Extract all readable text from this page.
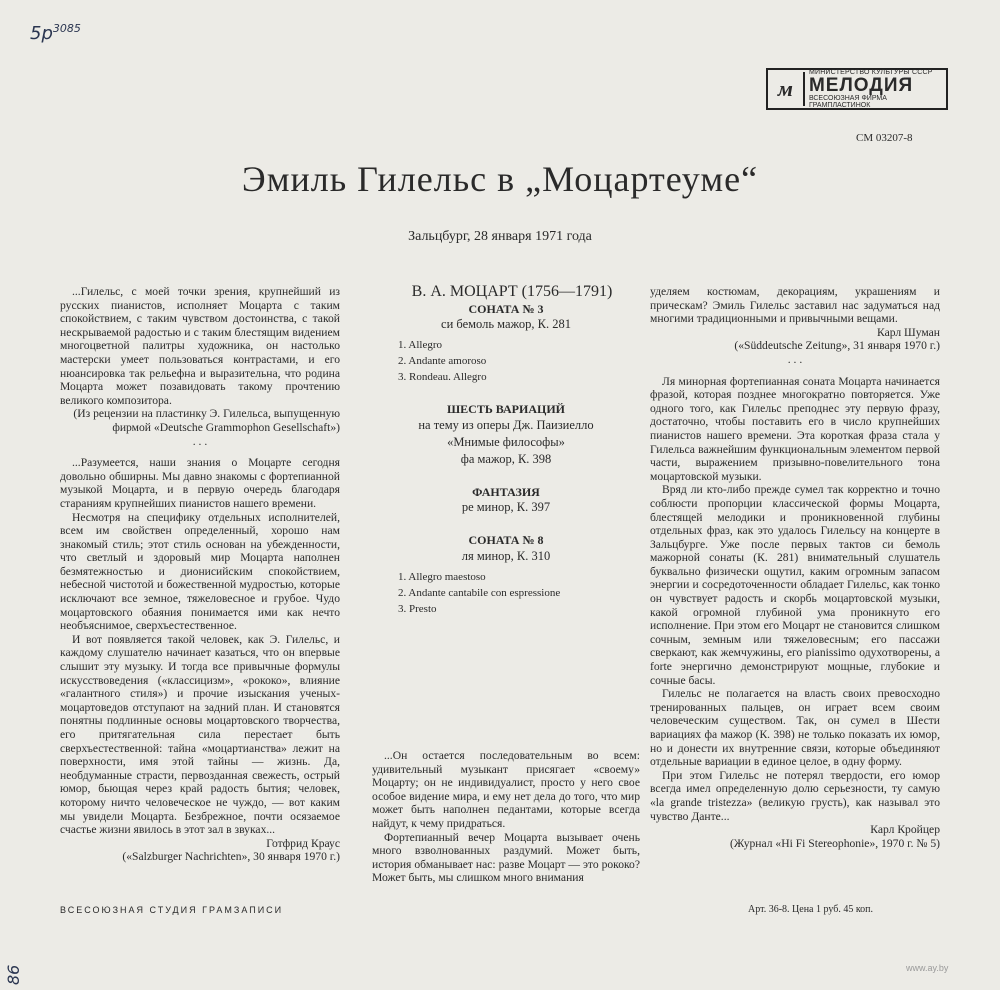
$5р^{3085}$
86
м
МИНИСТЕРСТВО КУЛЬТУРЫ СССР
МЕЛОДИЯ
ВСЕСОЮЗНАЯ ФИРМА ГРАМПЛАСТИНОК
СМ 03207-8
Эмиль Гилельс в „Моцартеуме“
Зальцбург, 28 января 1971 года

...Гилельс, с моей точки зрения, крупнейший из русских пианистов, исполняет Моцарта с таким спокойствием, с таким чувством достоинства, с такой нескрываемой радостью и с таким блестящим видением многоцветной палитры художника, он настолько мастерски умеет пользоваться контрастами, и его нюансировка так рельефна и выразительна, что родина Моцарта может позавидовать такому прочтению великого композитора.

(Из рецензии на пластинку Э. Гилельса, выпущенную фирмой «Deutsche Grammophon Gesellschaft»)

. . .

...Разумеется, наши знания о Моцарте сегодня довольно обширны. Мы давно знакомы с фортепианной музыкой Моцарта, и в первую очередь благодаря стараниям крупнейших пианистов нашего времени.

Несмотря на специфику отдельных исполнителей, всем им свойствен определенный, хорошо нам знакомый стиль; этот стиль основан на убежденности, что светлый и здоровый мир Моцарта наполнен безмятежностью и дионисийским спокойствием, небесной чистотой и божественной мудростью, которые исключают все земное, тяжеловесное и грубое. Чудо моцартовского обаяния понимается ими как нечто необъяснимое, сверхъестественное.

И вот появляется такой человек, как Э. Гилельс, и каждому слушателю начинает казаться, что он впервые слышит эту музыку. И тогда все привычные формулы искусствоведения («классицизм», «рококо», влияние «галантного стиля») и прочие изыскания ученых-моцартоведов отступают на задний план. И становятся понятны подлинные основы моцартовского творчества, его притягательная сила перестает быть сверхъестественной: тайна «моцартианства» лежит на поверхности, имя этой тайны — жизнь. Да, необдуманные страсти, первозданная свежесть, острый юмор, бьющая через край радость бытия; человек, которому ничто человеческое не чуждо, — вот каким мы увидели Моцарта. Безбрежное, почти осязаемое счастье жизни явилось в этот зал в звуках...

Готфрид Краус

(«Salzburger Nachrichten», 30 января 1970 г.)

В. А. МОЦАРТ (1756—1791)

СОНАТА № 3
си бемоль мажор, К. 281
1. Allegro
2. Andante amoroso
3. Rondeau. Allegro
ШЕСТЬ ВАРИАЦИЙ
на тему из оперы Дж. Паизиелло
«Мнимые философы»
фа мажор, К. 398
ФАНТАЗИЯ
ре минор, К. 397
СОНАТА № 8
ля минор, К. 310
1. Allegro maestoso
2. Andante cantabile con espressione
3. Presto

...Он остается последовательным во всем: удивительный музыкант присягает «своему» Моцарту; он не индивидуалист, просто у него свое особое видение мира, и ему нет дела до того, что мир может быть наполнен педантами, которые всегда найдут, к чему придраться.

Фортепианный вечер Моцарта вызывает очень много взволнованных раздумий. Может быть, история обманывает нас: разве Моцарт — это рококо? Может быть, мы слишком много внимания

уделяем костюмам, декорациям, украшениям и прическам? Эмиль Гилельс заставил нас задуматься над многими традиционными и привычными вещами.

Карл Шуман

(«Süddeutsche Zeitung», 31 января 1970 г.)

. . .

Ля минорная фортепианная соната Моцарта начинается фразой, которая позднее многократно повторяется. Уже одного того, как Гилельс преподнес эту первую фразу, достаточно, чтобы поставить его в число крупнейших пианистов нашего времени. Эта короткая фраза стала у Гилельса важнейшим функциональным элементом первой части, выражением призывно-повелительного тона моцартовской музыки.

Вряд ли кто-либо прежде сумел так корректно и точно соблюсти пропорции классической формы Моцарта, блестящей мелодики и проникновенной глубины отдельных фраз, как это удалось Гилельсу на концерте в Зальцбурге. Уже после первых тактов си бемоль мажорной сонаты (К. 281) внимательный слушатель буквально физически ощутил, каким огромным запасом энергии и сосредоточенности обладает Гилельс, как тонко он чувствует радость и скорбь моцартовской музыки, какой огромной глубиной ума проникнуто его исполнение. При этом его Моцарт не становится слишком сочным, земным или тяжеловесным; его пассажи сверкают, как жемчужины, его pianissimo одухотворены, а forte энергично демонстрируют мощные, глубокие и сочные басы.

Гилельс не полагается на власть своих превосходно тренированных пальцев, он играет всем своим человеческим существом. Так, он сумел в Шести вариациях фа мажор (К. 398) не только показать их юмор, но и донести их внутренние связи, которые объединяют отдельные вариации в единое целое, в одну форму.

При этом Гилельс не потерял твердости, его юмор всегда имел определенную долю серьезности, ту самую «la grande tristezza» (великую грусть), как называл это чувство Данте...

Карл Кройцер

(Журнал «Hi Fi Stereophonie», 1970 г. № 5)

ВСЕСОЮЗНАЯ СТУДИЯ ГРАМЗАПИСИ	Арт. 36-8. Цена 1 руб. 45 коп.
www.ay.by
